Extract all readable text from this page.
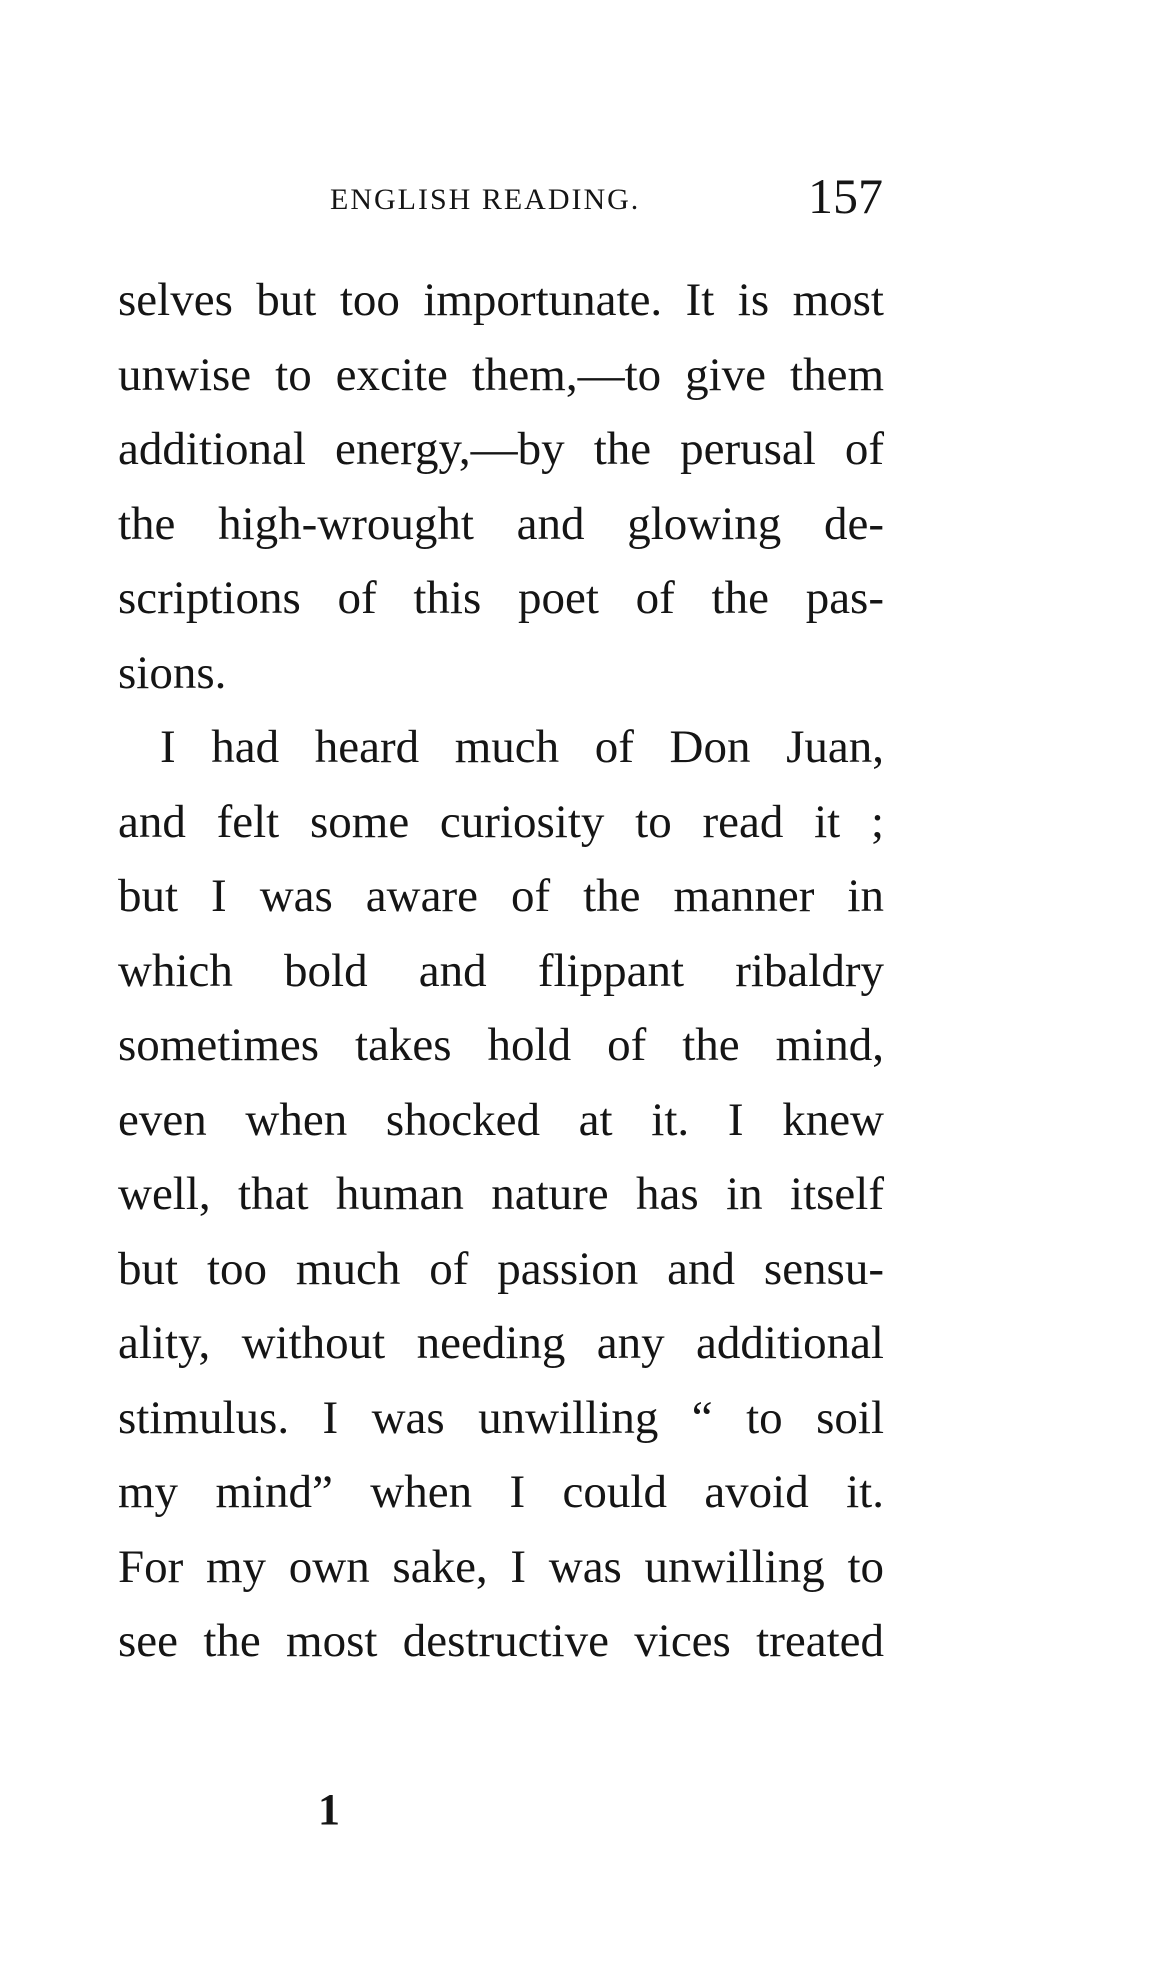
ENGLISH READING.	157
selves but too importunate. It is most
unwise to excite them,—to give them
additional energy,—by the perusal of
the high-wrought and glowing de-
scriptions of this poet of the pas-
sions.
I had heard much of Don Juan,
and felt some curiosity to read it ;
but I was aware of the manner in
which bold and flippant ribaldry
sometimes takes hold of the mind,
even when shocked at it. I knew
well, that human nature has in itself
but too much of passion and sensu-
ality, without needing any additional
stimulus. I was unwilling “ to soil
my mind” when I could avoid it.
For my own sake, I was unwilling to
see the most destructive vices treated
1
